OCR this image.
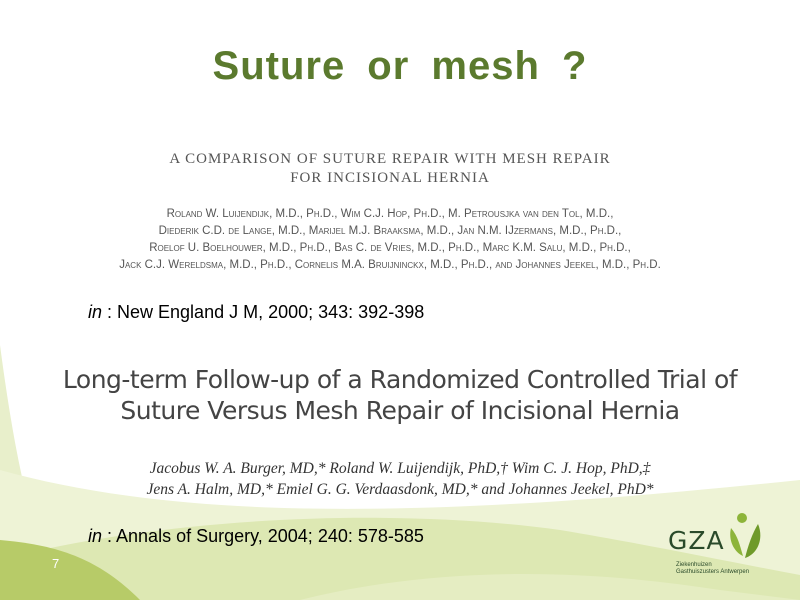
Suture or mesh ?
A COMPARISON OF SUTURE REPAIR WITH MESH REPAIR
FOR INCISIONAL HERNIA
Roland W. Luijendijk, M.D., Ph.D., Wim C.J. Hop, Ph.D., M. Petrousjka van den Tol, M.D.,
Diederik C.D. de Lange, M.D., Marijel M.J. Braaksma, M.D., Jan N.M. IJzermans, M.D., Ph.D.,
Roelof U. Boelhouwer, M.D., Ph.D., Bas C. de Vries, M.D., Ph.D., Marc K.M. Salu, M.D., Ph.D.,
Jack C.J. Wereldsma, M.D., Ph.D., Cornelis M.A. Bruijninckx, M.D., Ph.D., and Johannes Jeekel, M.D., Ph.D.
in : New England J M, 2000; 343: 392-398
Long-term Follow-up of a Randomized Controlled Trial of
Suture Versus Mesh Repair of Incisional Hernia
Jacobus W. A. Burger, MD,* Roland W. Luijendijk, PhD,† Wim C. J. Hop, PhD,‡
Jens A. Halm, MD,* Emiel G. G. Verdaasdonk, MD,* and Johannes Jeekel, PhD*
in : Annals of Surgery, 2004; 240: 578-585
7
GZA
Ziekenhuizen
Gasthuiszusters Antwerpen
